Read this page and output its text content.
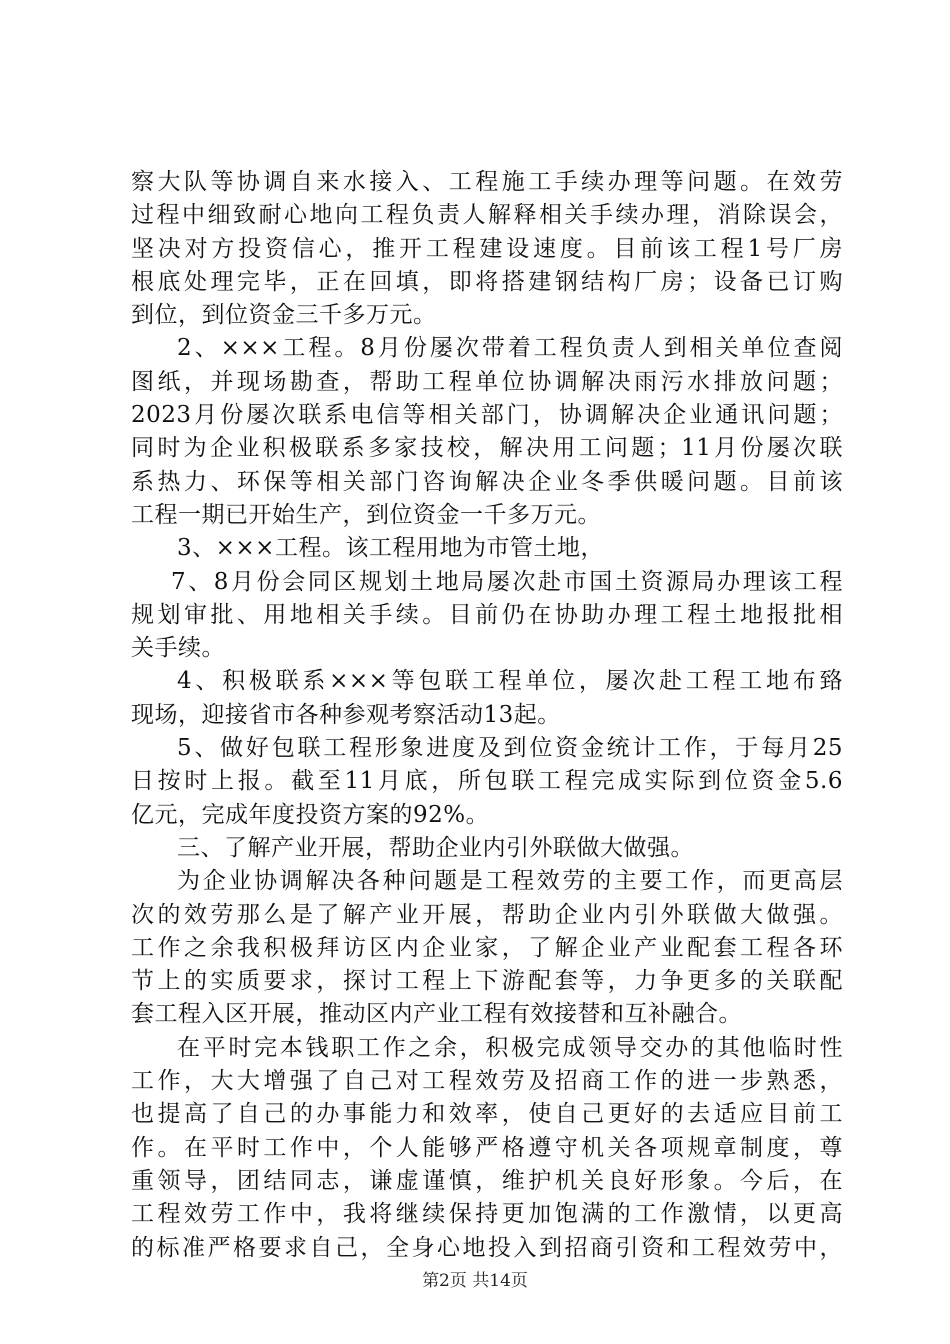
察大队等协调自来水接入、工程施工手续办理等问题。在效劳
过程中细致耐心地向工程负责人解释相关手续办理，消除误会，
坚决对方投资信心，推开工程建设速度。目前该工程1号厂房
根底处理完毕，正在回填，即将搭建钢结构厂房；设备已订购
到位，到位资金三千多万元。
2、×××工程。8月份屡次带着工程负责人到相关单位查阅
图纸，并现场勘查，帮助工程单位协调解决雨污水排放问题；
2023月份屡次联系电信等相关部门，协调解决企业通讯问题；
同时为企业积极联系多家技校，解决用工问题；11月份屡次联
系热力、环保等相关部门咨询解决企业冬季供暖问题。目前该
工程一期已开始生产，到位资金一千多万元。
3、×××工程。该工程用地为市管土地，
7、8月份会同区规划土地局屡次赴市国土资源局办理该工程
规划审批、用地相关手续。目前仍在协助办理工程土地报批相
关手续。
4、积极联系×××等包联工程单位，屡次赴工程工地布臵
现场，迎接省市各种参观考察活动13起。
5、做好包联工程形象进度及到位资金统计工作，于每月25
日按时上报。截至11月底，所包联工程完成实际到位资金5.6
亿元，完成年度投资方案的92%。
三、了解产业开展，帮助企业内引外联做大做强。
为企业协调解决各种问题是工程效劳的主要工作，而更高层
次的效劳那么是了解产业开展，帮助企业内引外联做大做强。
工作之余我积极拜访区内企业家，了解企业产业配套工程各环
节上的实质要求，探讨工程上下游配套等，力争更多的关联配
套工程入区开展，推动区内产业工程有效接替和互补融合。
在平时完本钱职工作之余，积极完成领导交办的其他临时性
工作，大大增强了自己对工程效劳及招商工作的进一步熟悉，
也提高了自己的办事能力和效率，使自己更好的去适应目前工
作。在平时工作中，个人能够严格遵守机关各项规章制度，尊
重领导，团结同志，谦虚谨慎，维护机关良好形象。今后，在
工程效劳工作中，我将继续保持更加饱满的工作激情，以更高
的标准严格要求自己，全身心地投入到招商引资和工程效劳中，
第2页 共14页
